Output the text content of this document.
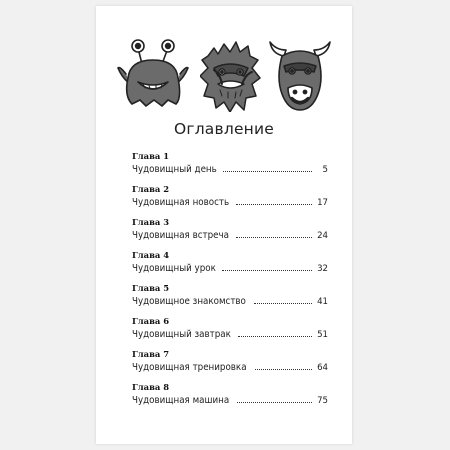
Оглавление
Глава 1
Чудовищный день	5
Глава 2
Чудовищная новость	17
Глава 3
Чудовищная встреча	24
Глава 4
Чудовищный урок	32
Глава 5
Чудовищное знакомство	41
Глава 6
Чудовищный завтрак	51
Глава 7
Чудовищная тренировка	64
Глава 8
Чудовищная машина	75
